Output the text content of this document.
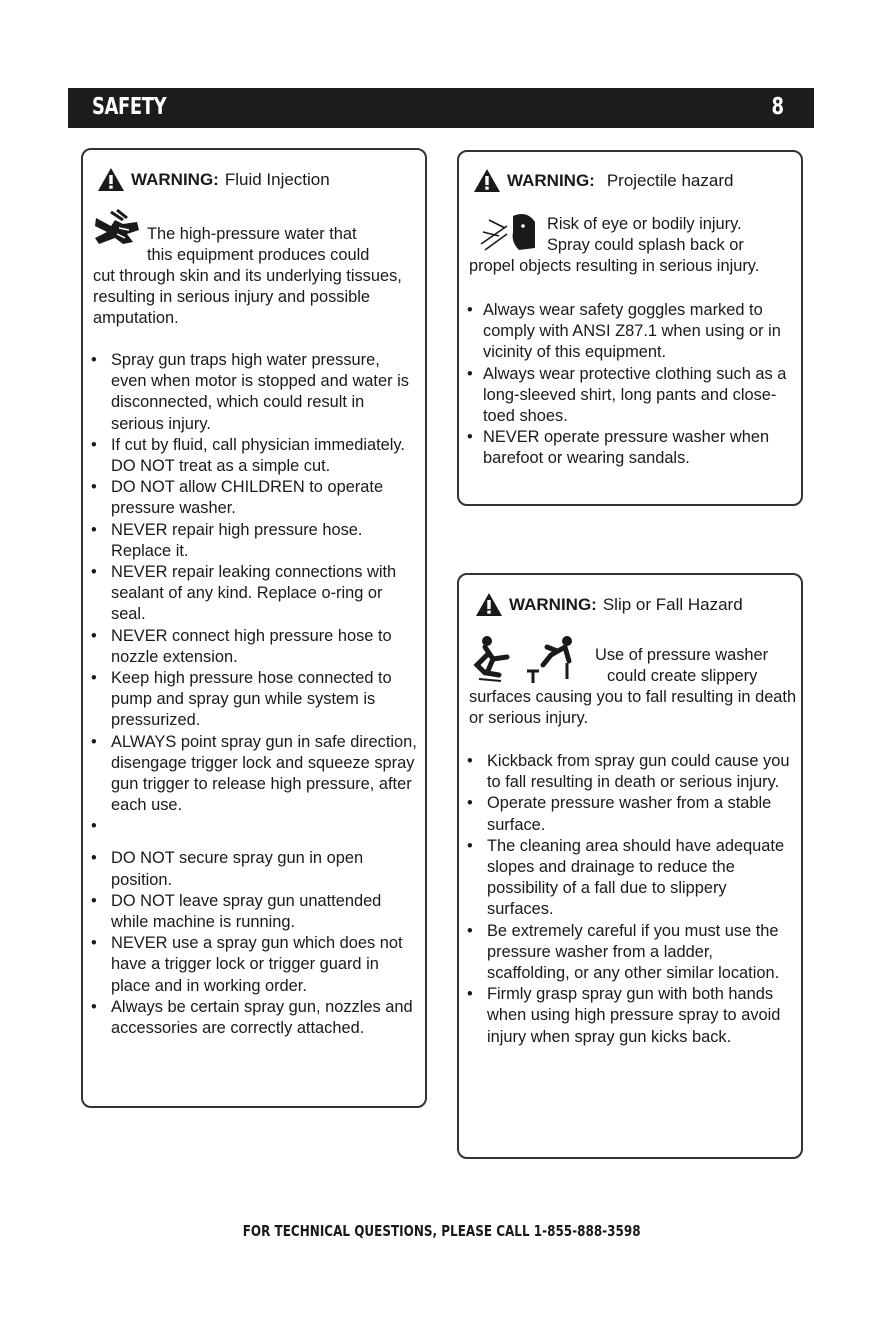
SAFETY	8
WARNING: Fluid Injection

The high-pressure water that

this equipment produces could

cut through skin and its underlying tissues, resulting in serious injury and possible amputation.

• Spray gun traps high water pressure, even when motor is stopped and water is disconnected, which could result in serious injury.
• If cut by fluid, call physician immediately. DO NOT treat as a simple cut.
• DO NOT allow CHILDREN to operate pressure washer.
• NEVER repair high pressure hose. Replace it.
• NEVER repair leaking connections with sealant of any kind. Replace o-ring or seal.
• NEVER connect high pressure hose to nozzle extension.
• Keep high pressure hose connected to pump and spray gun while system is pressurized.
• ALWAYS point spray gun in safe direction, disengage trigger lock and squeeze spray gun trigger to release high pressure, after each use.
•
• DO NOT secure spray gun in open position.
• DO NOT leave spray gun unattended while machine is running.
• NEVER use a spray gun which does not have a trigger lock or trigger guard in place and in working order.
• Always be certain spray gun, nozzles and accessories are correctly attached.
WARNING: Projectile hazard

Risk of eye or bodily injury.

Spray could splash back or

propel objects resulting in serious injury.

• Always wear safety goggles marked to comply with ANSI Z87.1 when using or in vicinity of this equipment.
• Always wear protective clothing such as a long-sleeved shirt, long pants and close-toed shoes.
• NEVER operate pressure washer when barefoot or wearing sandals.
WARNING: Slip or Fall Hazard

Use of pressure washer

could create slippery

surfaces causing you to fall resulting in death or serious injury.

• Kickback from spray gun could cause you to fall resulting in death or serious injury.
• Operate pressure washer from a stable surface.
• The cleaning area should have adequate slopes and drainage to reduce the possibility of a fall due to slippery surfaces.
• Be extremely careful if you must use the pressure washer from a ladder, scaffolding, or any other similar location.
• Firmly grasp spray gun with both hands when using high pressure spray to avoid injury when spray gun kicks back.
FOR TECHNICAL QUESTIONS, PLEASE CALL 1-855-888-3598
